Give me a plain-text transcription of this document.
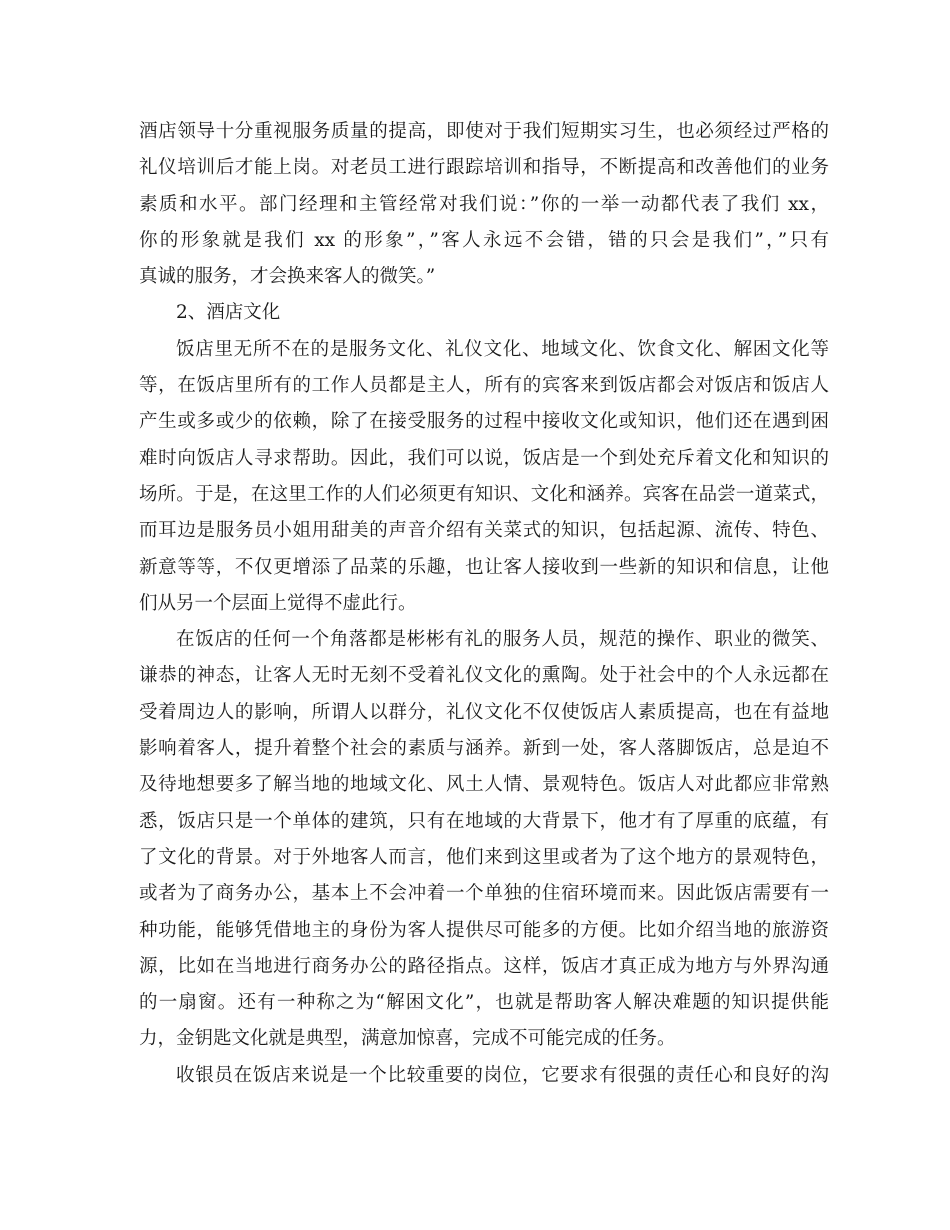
酒店领导十分重视服务质量的提高，即使对于我们短期实习生，也必须经过严格的
礼仪培训后才能上岗。对老员工进行跟踪培训和指导，不断提高和改善他们的业务
素质和水平。部门经理和主管经常对我们说：”你的一举一动都代表了我们 xx，
你的形象就是我们 xx 的形象”，”客人永远不会错，错的只会是我们”，”只有
真诚的服务，才会换来客人的微笑。”
2、酒店文化
饭店里无所不在的是服务文化、礼仪文化、地域文化、饮食文化、解困文化等
等，在饭店里所有的工作人员都是主人，所有的宾客来到饭店都会对饭店和饭店人
产生或多或少的依赖，除了在接受服务的过程中接收文化或知识，他们还在遇到困
难时向饭店人寻求帮助。因此，我们可以说，饭店是一个到处充斥着文化和知识的
场所。于是，在这里工作的人们必须更有知识、文化和涵养。宾客在品尝一道菜式，
而耳边是服务员小姐用甜美的声音介绍有关菜式的知识，包括起源、流传、特色、
新意等等，不仅更增添了品菜的乐趣，也让客人接收到一些新的知识和信息，让他
们从另一个层面上觉得不虚此行。
在饭店的任何一个角落都是彬彬有礼的服务人员，规范的操作、职业的微笑、
谦恭的神态，让客人无时无刻不受着礼仪文化的熏陶。处于社会中的个人永远都在
受着周边人的影响，所谓人以群分，礼仪文化不仅使饭店人素质提高，也在有益地
影响着客人，提升着整个社会的素质与涵养。新到一处，客人落脚饭店，总是迫不
及待地想要多了解当地的地域文化、风土人情、景观特色。饭店人对此都应非常熟
悉，饭店只是一个单体的建筑，只有在地域的大背景下，他才有了厚重的底蕴，有
了文化的背景。对于外地客人而言，他们来到这里或者为了这个地方的景观特色，
或者为了商务办公，基本上不会冲着一个单独的住宿环境而来。因此饭店需要有一
种功能，能够凭借地主的身份为客人提供尽可能多的方便。比如介绍当地的旅游资
源，比如在当地进行商务办公的路径指点。这样，饭店才真正成为地方与外界沟通
的一扇窗。还有一种称之为“解困文化”，也就是帮助客人解决难题的知识提供能
力，金钥匙文化就是典型，满意加惊喜，完成不可能完成的任务。
收银员在饭店来说是一个比较重要的岗位，它要求有很强的责任心和良好的沟
